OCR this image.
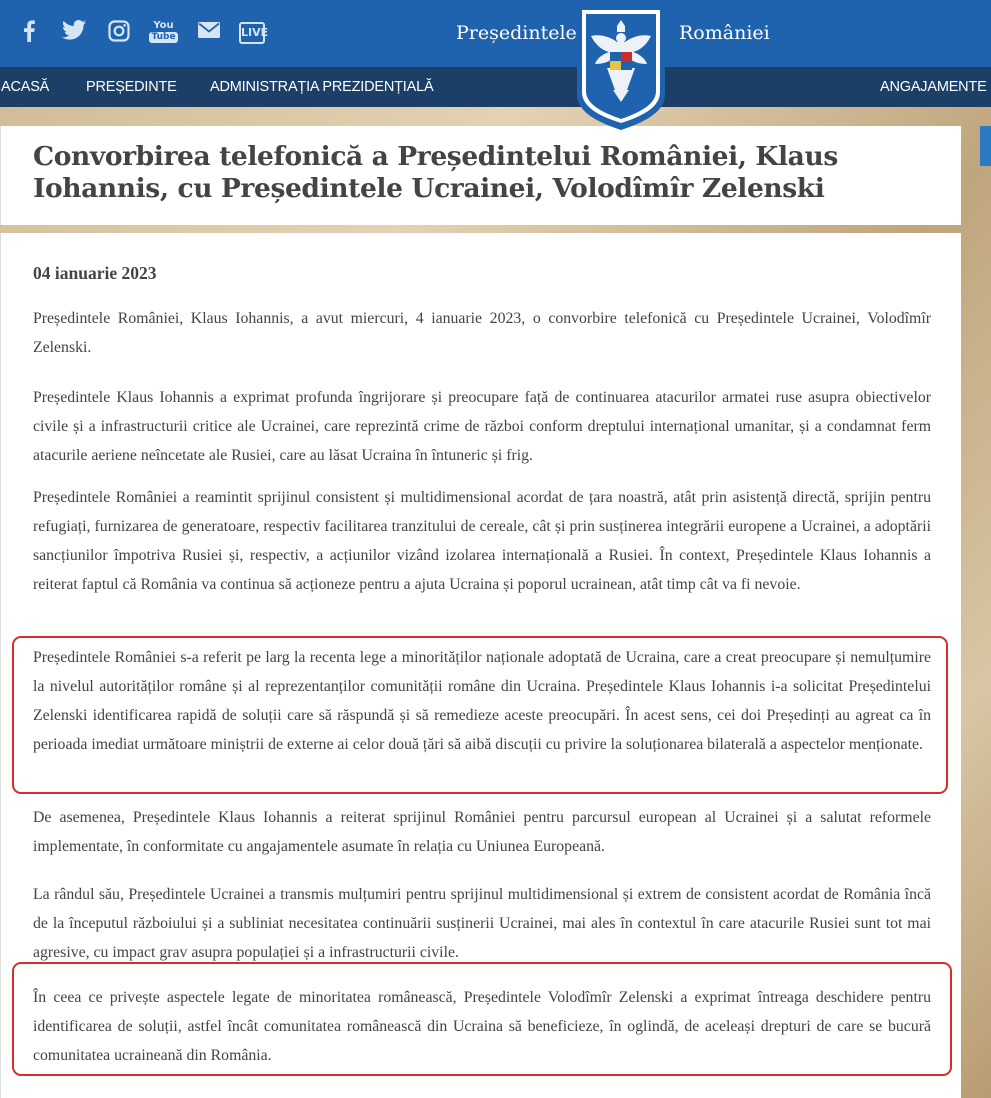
You
Tube	LIVE	Președintele	României
ACASĂ	PREȘEDINTE ADMINISTRAȚIA PREZIDENȚIALĂ	ANGAJAMENTE
Convorbirea telefonică a Președintelui României, Klaus Iohannis, cu Președintele Ucrainei, Volodîmîr Zelenski
04 ianuarie 2023

Președintele României, Klaus Iohannis, a avut miercuri, 4 ianuarie 2023, o convorbire telefonică cu Președintele Ucrainei, Volodîmîr Zelenski.

Președintele Klaus Iohannis a exprimat profunda îngrijorare și preocupare față de continuarea atacurilor armatei ruse asupra obiectivelor civile și a infrastructurii critice ale Ucrainei, care reprezintă crime de război conform dreptului internațional umanitar, și a condamnat ferm atacurile aeriene neîncetate ale Rusiei, care au lăsat Ucraina în întuneric și frig.

Președintele României a reamintit sprijinul consistent și multidimensional acordat de țara noastră, atât prin asistență directă, sprijin pentru refugiați, furnizarea de generatoare, respectiv facilitarea tranzitului de cereale, cât și prin susținerea integrării europene a Ucrainei, a adoptării sancțiunilor împotriva Rusiei și, respectiv, a acțiunilor vizând izolarea internațională a Rusiei. În context, Președintele Klaus Iohannis a reiterat faptul că România va continua să acționeze pentru a ajuta Ucraina și poporul ucrainean, atât timp cât va fi nevoie.

Președintele României s-a referit pe larg la recenta lege a minorităților naționale adoptată de Ucraina, care a creat preocupare și nemulțumire la nivelul autorităților române și al reprezentanților comunității române din Ucraina. Președintele Klaus Iohannis i-a solicitat Președintelui Zelenski identificarea rapidă de soluții care să răspundă și să remedieze aceste preocupări. În acest sens, cei doi Președinți au agreat ca în perioada imediat următoare miniștrii de externe ai celor două țări să aibă discuții cu privire la soluționarea bilaterală a aspectelor menționate.

De asemenea, Președintele Klaus Iohannis a reiterat sprijinul României pentru parcursul european al Ucrainei și a salutat reformele implementate, în conformitate cu angajamentele asumate în relația cu Uniunea Europeană.

La rândul său, Președintele Ucrainei a transmis mulțumiri pentru sprijinul multidimensional și extrem de consistent acordat de România încă de la începutul războiului și a subliniat necesitatea continuării susținerii Ucrainei, mai ales în contextul în care atacurile Rusiei sunt tot mai agresive, cu impact grav asupra populației și a infrastructurii civile.

În ceea ce privește aspectele legate de minoritatea românească, Președintele Volodîmîr Zelenski a exprimat întreaga deschidere pentru identificarea de soluții, astfel încât comunitatea românească din Ucraina să beneficieze, în oglindă, de aceleași drepturi de care se bucură comunitatea ucraineană din România.
